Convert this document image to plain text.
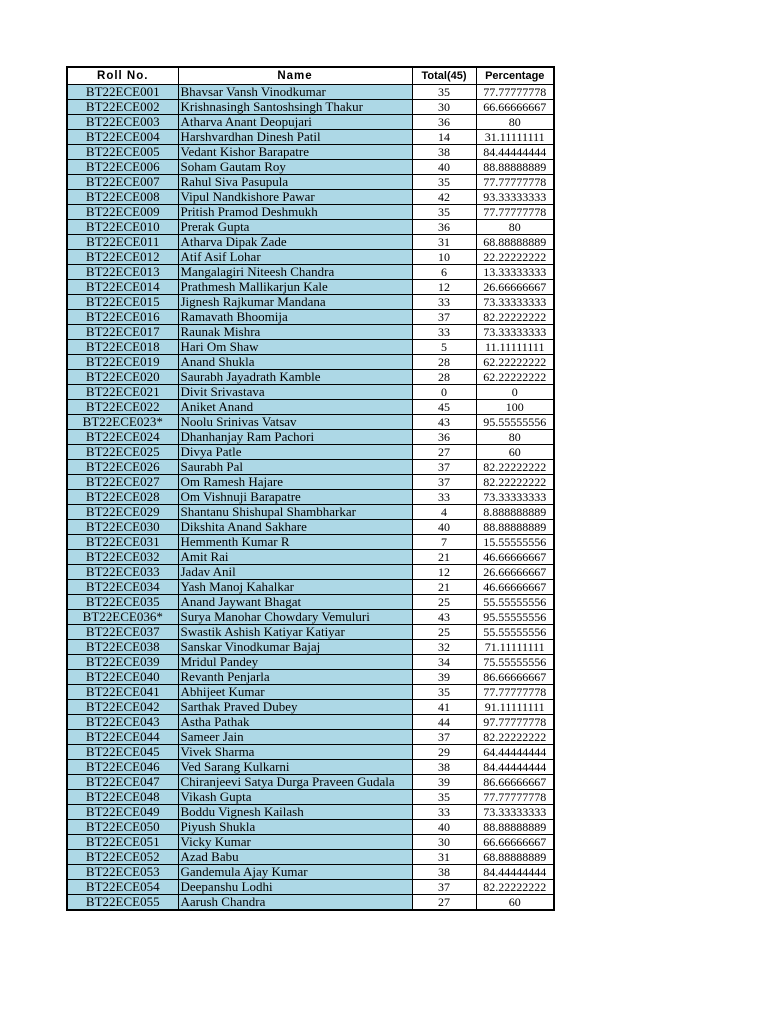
Roll No.	Name	Total(45)	Percentage
BT22ECE001	Bhavsar Vansh Vinodkumar	35	77.77777778
BT22ECE002	Krishnasingh Santoshsingh Thakur	30	66.66666667
BT22ECE003	Atharva Anant Deopujari	36	80
BT22ECE004	Harshvardhan Dinesh Patil	14	31.11111111
BT22ECE005	Vedant Kishor Barapatre	38	84.44444444
BT22ECE006	Soham Gautam Roy	40	88.88888889
BT22ECE007	Rahul Siva Pasupula	35	77.77777778
BT22ECE008	Vipul Nandkishore Pawar	42	93.33333333
BT22ECE009	Pritish Pramod Deshmukh	35	77.77777778
BT22ECE010	Prerak Gupta	36	80
BT22ECE011	Atharva Dipak Zade	31	68.88888889
BT22ECE012	Atif Asif Lohar	10	22.22222222
BT22ECE013	Mangalagiri Niteesh Chandra	6	13.33333333
BT22ECE014	Prathmesh Mallikarjun Kale	12	26.66666667
BT22ECE015	Jignesh Rajkumar Mandana	33	73.33333333
BT22ECE016	Ramavath Bhoomija	37	82.22222222
BT22ECE017	Raunak Mishra	33	73.33333333
BT22ECE018	Hari Om Shaw	5	11.11111111
BT22ECE019	Anand Shukla	28	62.22222222
BT22ECE020	Saurabh Jayadrath Kamble	28	62.22222222
BT22ECE021	Divit Srivastava	0	0
BT22ECE022	Aniket Anand	45	100
BT22ECE023*	Noolu Srinivas Vatsav	43	95.55555556
BT22ECE024	Dhanhanjay Ram Pachori	36	80
BT22ECE025	Divya Patle	27	60
BT22ECE026	Saurabh Pal	37	82.22222222
BT22ECE027	Om Ramesh Hajare	37	82.22222222
BT22ECE028	Om Vishnuji Barapatre	33	73.33333333
BT22ECE029	Shantanu Shishupal Shambharkar	4	8.888888889
BT22ECE030	Dikshita Anand Sakhare	40	88.88888889
BT22ECE031	Hemmenth Kumar R	7	15.55555556
BT22ECE032	Amit Rai	21	46.66666667
BT22ECE033	Jadav Anil	12	26.66666667
BT22ECE034	Yash Manoj Kahalkar	21	46.66666667
BT22ECE035	Anand Jaywant Bhagat	25	55.55555556
BT22ECE036*	Surya Manohar Chowdary Vemuluri	43	95.55555556
BT22ECE037	Swastik Ashish Katiyar Katiyar	25	55.55555556
BT22ECE038	Sanskar Vinodkumar Bajaj	32	71.11111111
BT22ECE039	Mridul Pandey	34	75.55555556
BT22ECE040	Revanth Penjarla	39	86.66666667
BT22ECE041	Abhijeet Kumar	35	77.77777778
BT22ECE042	Sarthak Praved Dubey	41	91.11111111
BT22ECE043	Astha Pathak	44	97.77777778
BT22ECE044	Sameer Jain	37	82.22222222
BT22ECE045	Vivek Sharma	29	64.44444444
BT22ECE046	Ved Sarang Kulkarni	38	84.44444444
BT22ECE047	Chiranjeevi Satya Durga Praveen Gudala	39	86.66666667
BT22ECE048	Vikash Gupta	35	77.77777778
BT22ECE049	Boddu Vignesh Kailash	33	73.33333333
BT22ECE050	Piyush Shukla	40	88.88888889
BT22ECE051	Vicky Kumar	30	66.66666667
BT22ECE052	Azad Babu	31	68.88888889
BT22ECE053	Gandemula Ajay Kumar	38	84.44444444
BT22ECE054	Deepanshu Lodhi	37	82.22222222
BT22ECE055	Aarush Chandra	27	60
